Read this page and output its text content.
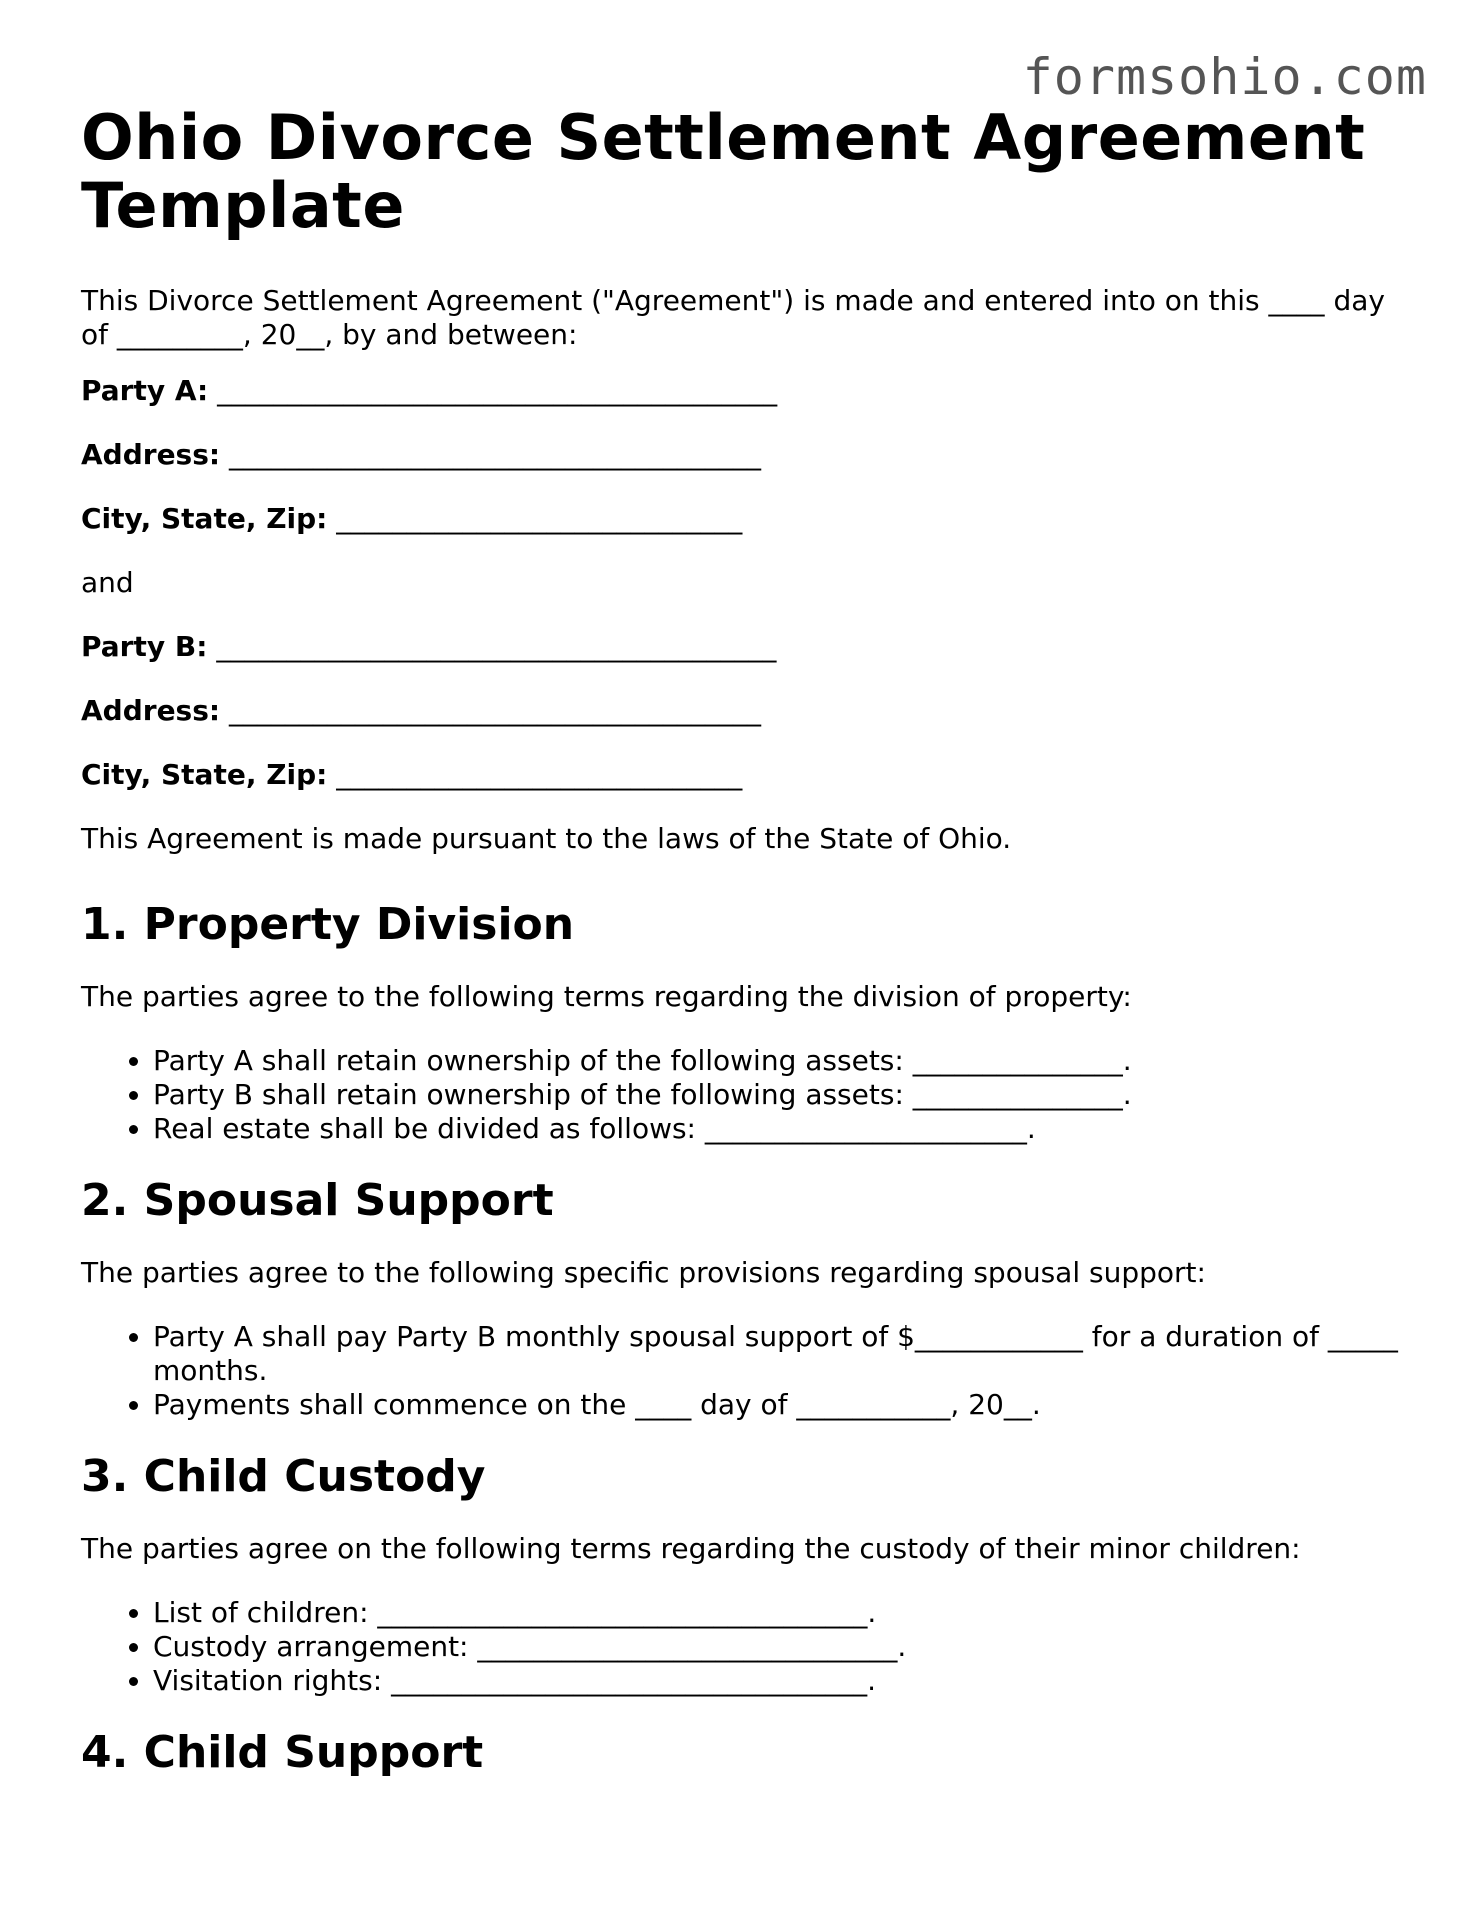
formsohio.com
Ohio Divorce Settlement Agreement Template

This Divorce Settlement Agreement ("Agreement") is made and entered into on this ____ day of _________, 20__, by and between:

Party A: ________________________________________

Address: ______________________________________

City, State, Zip: _____________________________

and

Party B: ________________________________________

Address: ______________________________________

City, State, Zip: _____________________________

This Agreement is made pursuant to the laws of the State of Ohio.

1. Property Division

The parties agree to the following terms regarding the division of property:

• Party A shall retain ownership of the following assets: _______________.
• Party B shall retain ownership of the following assets: _______________.
• Real estate shall be divided as follows: _______________________.
2. Spousal Support

The parties agree to the following specific provisions regarding spousal support:

• Party A shall pay Party B monthly spousal support of $____________ for a duration of _____ months.
• Payments shall commence on the ____ day of ___________, 20__.
3. Child Custody

The parties agree on the following terms regarding the custody of their minor children:

• List of children: ___________________________________.
• Custody arrangement: ______________________________.
• Visitation rights: __________________________________.
4. Child Support
